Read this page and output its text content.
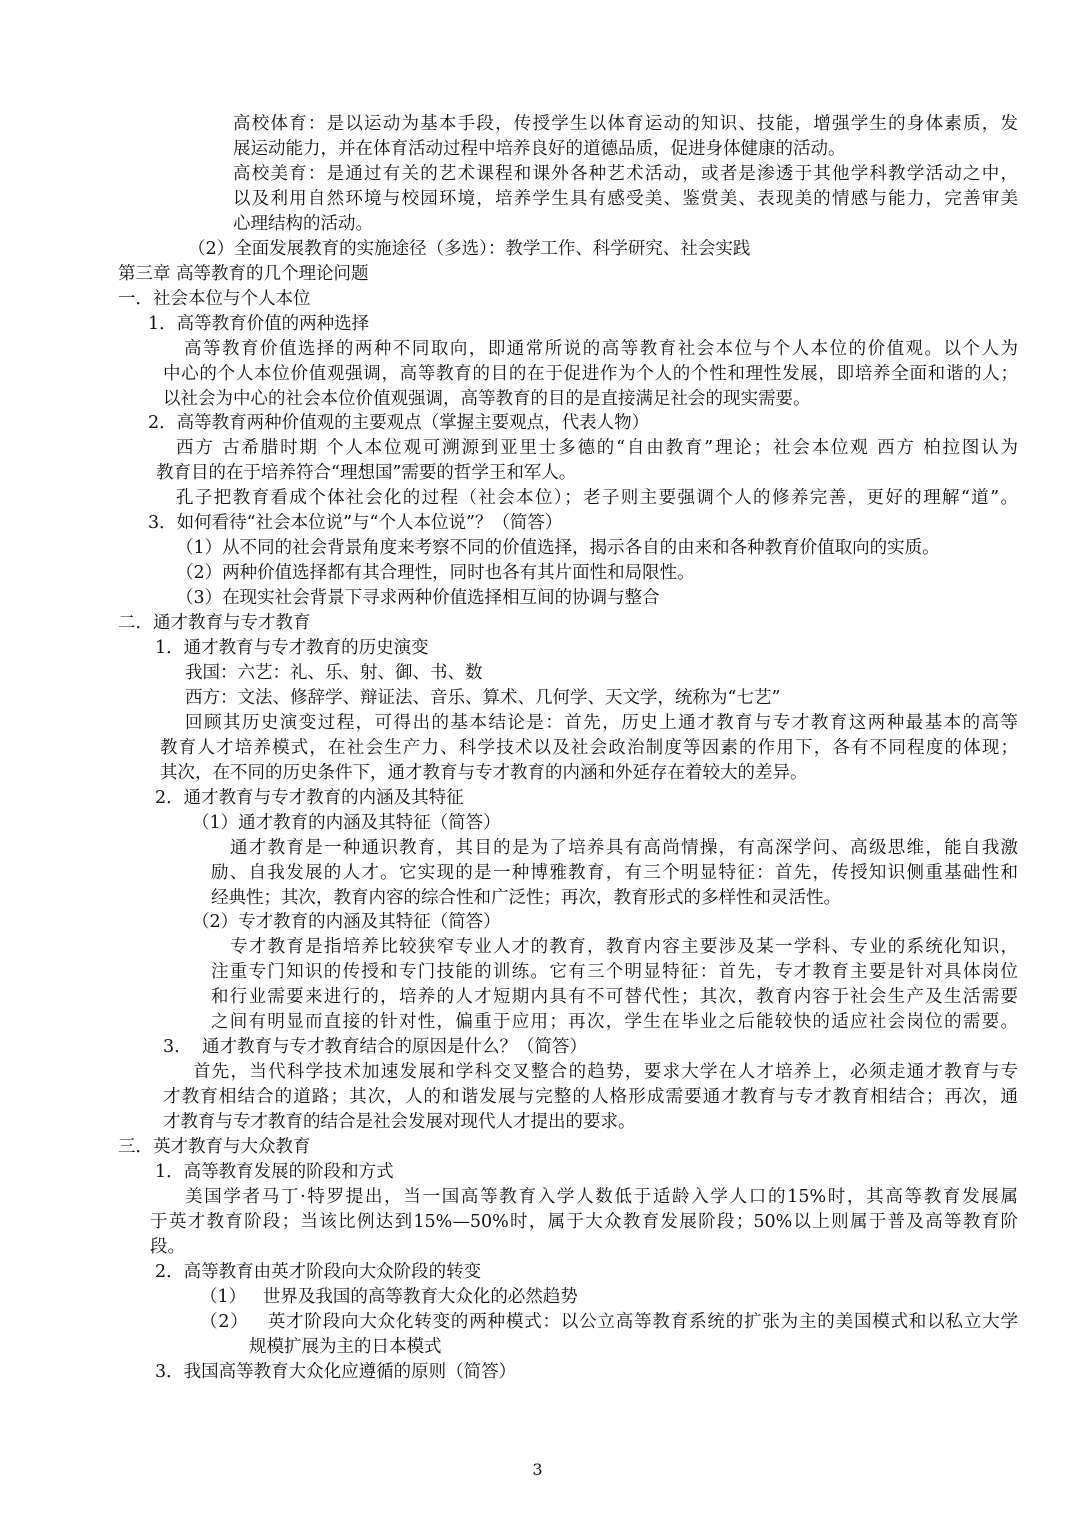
高校体育：是以运动为基本手段，传授学生以体育运动的知识、技能，增强学生的身体素质，发

展运动能力，并在体育活动过程中培养良好的道德品质，促进身体健康的活动。

高校美育：是通过有关的艺术课程和课外各种艺术活动，或者是渗透于其他学科教学活动之中，

以及利用自然环境与校园环境，培养学生具有感受美、鉴赏美、表现美的情感与能力，完善审美

心理结构的活动。

（2）全面发展教育的实施途径（多选）：教学工作、科学研究、社会实践

第三章 高等教育的几个理论问题

一．社会本位与个人本位

1．高等教育价值的两种选择

高等教育价值选择的两种不同取向，即通常所说的高等教育社会本位与个人本位的价值观。以个人为

中心的个人本位价值观强调，高等教育的目的在于促进作为个人的个性和理性发展，即培养全面和谐的人；

以社会为中心的社会本位价值观强调，高等教育的目的是直接满足社会的现实需要。

2．高等教育两种价值观的主要观点（掌握主要观点，代表人物）

西方 古希腊时期 个人本位观可溯源到亚里士多德的“自由教育”理论；社会本位观 西方 柏拉图认为

教育目的在于培养符合“理想国”需要的哲学王和军人。

孔子把教育看成个体社会化的过程（社会本位）；老子则主要强调个人的修养完善，更好的理解“道”。

3．如何看待“社会本位说”与“个人本位说”？（简答）

（1）从不同的社会背景角度来考察不同的价值选择，揭示各自的由来和各种教育价值取向的实质。

（2）两种价值选择都有其合理性，同时也各有其片面性和局限性。

（3）在现实社会背景下寻求两种价值选择相互间的协调与整合

二．通才教育与专才教育

1．通才教育与专才教育的历史演变

我国：六艺：礼、乐、射、御、书、数

西方：文法、修辞学、辩证法、音乐、算术、几何学、天文学，统称为“七艺”

回顾其历史演变过程，可得出的基本结论是：首先，历史上通才教育与专才教育这两种最基本的高等

教育人才培养模式，在社会生产力、科学技术以及社会政治制度等因素的作用下，各有不同程度的体现；

其次，在不同的历史条件下，通才教育与专才教育的内涵和外延存在着较大的差异。

2．通才教育与专才教育的内涵及其特征

（1）通才教育的内涵及其特征（简答）

通才教育是一种通识教育，其目的是为了培养具有高尚情操，有高深学问、高级思维，能自我激

励、自我发展的人才。它实现的是一种博雅教育，有三个明显特征：首先，传授知识侧重基础性和

经典性；其次，教育内容的综合性和广泛性；再次，教育形式的多样性和灵活性。

（2）专才教育的内涵及其特征（简答）

专才教育是指培养比较狭窄专业人才的教育，教育内容主要涉及某一学科、专业的系统化知识，

注重专门知识的传授和专门技能的训练。它有三个明显特征：首先，专才教育主要是针对具体岗位

和行业需要来进行的，培养的人才短期内具有不可替代性；其次，教育内容于社会生产及生活需要

之间有明显而直接的针对性，偏重于应用；再次，学生在毕业之后能较快的适应社会岗位的需要。

3.    通才教育与专才教育结合的原因是什么？（简答）

首先，当代科学技术加速发展和学科交叉整合的趋势，要求大学在人才培养上，必须走通才教育与专

才教育相结合的道路；其次，人的和谐发展与完整的人格形成需要通才教育与专才教育相结合；再次，通

才教育与专才教育的结合是社会发展对现代人才提出的要求。

三．英才教育与大众教育

1．高等教育发展的阶段和方式

美国学者马丁·特罗提出，当一国高等教育入学人数低于适龄入学人口的15%时，其高等教育发展属

于英才教育阶段；当该比例达到15%—50%时，属于大众教育发展阶段；50%以上则属于普及高等教育阶

段。

2．高等教育由英才阶段向大众阶段的转变

（1）   世界及我国的高等教育大众化的必然趋势

（2）   英才阶段向大众化转变的两种模式：以公立高等教育系统的扩张为主的美国模式和以私立大学

规模扩展为主的日本模式

3．我国高等教育大众化应遵循的原则（简答）

3
